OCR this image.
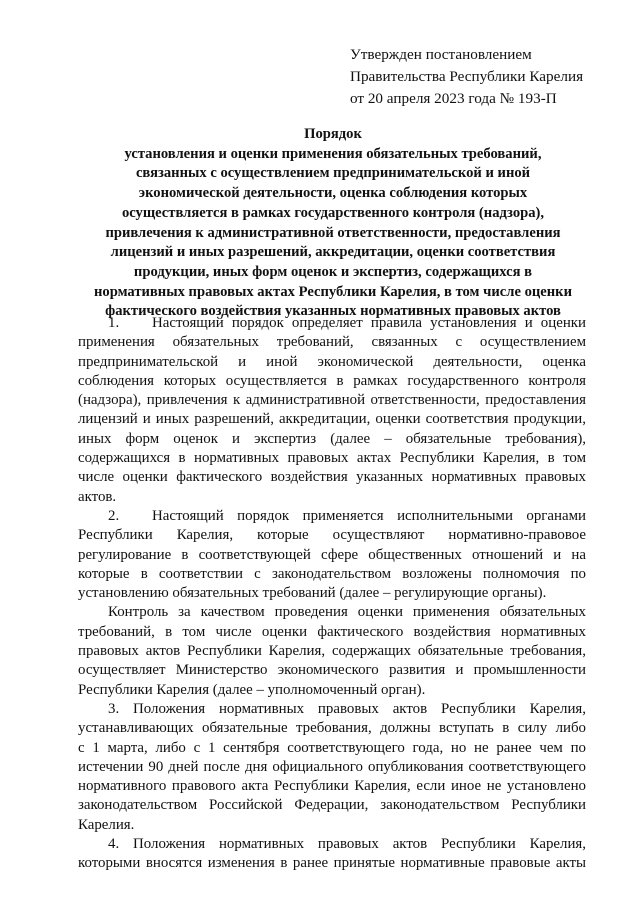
Утвержден постановлением
Правительства Республики Карелия
от 20 апреля 2023 года № 193-П
Порядок
установления и оценки применения обязательных требований,
связанных с осуществлением предпринимательской и иной
экономической деятельности, оценка соблюдения которых
осуществляется в рамках государственного контроля (надзора),
привлечения к административной ответственности, предоставления
лицензий и иных разрешений, аккредитации, оценки соответствия
продукции, иных форм оценок и экспертиз, содержащихся в
нормативных правовых актах Республики Карелия, в том числе оценки
фактического воздействия указанных нормативных правовых актов
1. Настоящий порядок определяет правила установления и оценки
применения обязательных требований, связанных с осуществлением
предпринимательской и иной экономической деятельности, оценка
соблюдения которых осуществляется в рамках государственного контроля
(надзора), привлечения к административной ответственности, предоставления
лицензий и иных разрешений, аккредитации, оценки соответствия продукции,
иных форм оценок и экспертиз (далее – обязательные требования),
содержащихся в нормативных правовых актах Республики Карелия, в том
числе оценки фактического воздействия указанных нормативных правовых
актов.
2. Настоящий порядок применяется исполнительными органами
Республики Карелия, которые осуществляют нормативно-правовое
регулирование в соответствующей сфере общественных отношений и на
которые в соответствии с законодательством возложены полномочия по
установлению обязательных требований (далее – регулирующие органы).
Контроль за качеством проведения оценки применения обязательных
требований, в том числе оценки фактического воздействия нормативных
правовых актов Республики Карелия, содержащих обязательные требования,
осуществляет Министерство экономического развития и промышленности
Республики Карелия (далее – уполномоченный орган).
3. Положения нормативных правовых актов Республики Карелия,
устанавливающих обязательные требования, должны вступать в силу либо
с 1 марта, либо с 1 сентября соответствующего года, но не ранее чем по
истечении 90 дней после дня официального опубликования соответствующего
нормативного правового акта Республики Карелия, если иное не установлено
законодательством Российской Федерации, законодательством Республики
Карелия.
4. Положения нормативных правовых актов Республики Карелия,
которыми вносятся изменения в ранее принятые нормативные правовые акты
